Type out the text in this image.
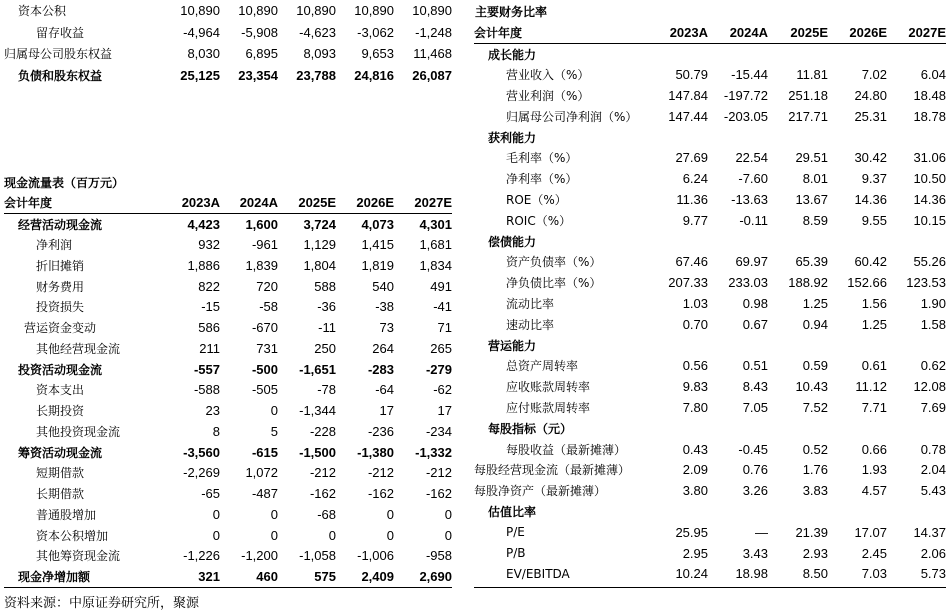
资本公积	10,890	10,890	10,890	10,890	10,890
留存收益	-4,964	-5,908	-4,623	-3,062	-1,248
归属母公司股东权益	8,030	6,895	8,093	9,653	11,468
负债和股东权益	25,125	23,354	23,788	24,816	26,087
现金流量表（百万元）
会计年度	2023A	2024A	2025E	2026E	2027E
经营活动现金流	4,423	1,600	3,724	4,073	4,301
净利润	932	-961	1,129	1,415	1,681
折旧摊销	1,886	1,839	1,804	1,819	1,834
财务费用	822	720	588	540	491
投资损失	-15	-58	-36	-38	-41
营运资金变动	586	-670	-11	73	71
其他经营现金流	211	731	250	264	265
投资活动现金流	-557	-500	-1,651	-283	-279
资本支出	-588	-505	-78	-64	-62
长期投资	23	0	-1,344	17	17
其他投资现金流	8	5	-228	-236	-234
筹资活动现金流	-3,560	-615	-1,500	-1,380	-1,332
短期借款	-2,269	1,072	-212	-212	-212
长期借款	-65	-487	-162	-162	-162
普通股增加	0	0	-68	0	0
资本公积增加	0	0	0	0	0
其他筹资现金流	-1,226	-1,200	-1,058	-1,006	-958
现金净增加额	321	460	575	2,409	2,690
主要财务比率
会计年度	2023A	2024A	2025E	2026E	2027E
成长能力					
营业收入（%）	50.79	-15.44	11.81	7.02	6.04
营业利润（%）	147.84	-197.72	251.18	24.80	18.48
归属母公司净利润（%）	147.44	-203.05	217.71	25.31	18.78
获利能力					
毛利率（%）	27.69	22.54	29.51	30.42	31.06
净利率（%）	6.24	-7.60	8.01	9.37	10.50
ROE（%）	11.36	-13.63	13.67	14.36	14.36
ROIC（%）	9.77	-0.11	8.59	9.55	10.15
偿债能力					
资产负债率（%）	67.46	69.97	65.39	60.42	55.26
净负债比率（%）	207.33	233.03	188.92	152.66	123.53
流动比率	1.03	0.98	1.25	1.56	1.90
速动比率	0.70	0.67	0.94	1.25	1.58
营运能力					
总资产周转率	0.56	0.51	0.59	0.61	0.62
应收账款周转率	9.83	8.43	10.43	11.12	12.08
应付账款周转率	7.80	7.05	7.52	7.71	7.69
每股指标（元）					
每股收益（最新摊薄）	0.43	-0.45	0.52	0.66	0.78
每股经营现金流（最新摊薄）	2.09	0.76	1.76	1.93	2.04
每股净资产（最新摊薄）	3.80	3.26	3.83	4.57	5.43
估值比率					
P/E	25.95	—	21.39	17.07	14.37
P/B	2.95	3.43	2.93	2.45	2.06
EV/EBITDA	10.24	18.98	8.50	7.03	5.73
资料来源：中原证券研究所，聚源
